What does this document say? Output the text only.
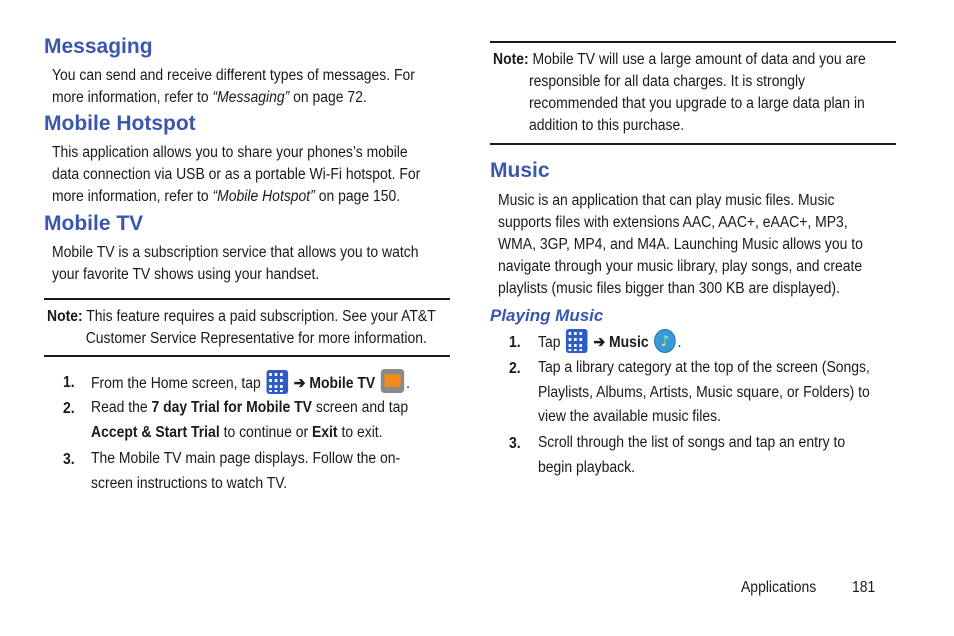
Messaging
You can send and receive different types of messages. For
more information, refer to “Messaging” on page 72.
Mobile Hotspot
This application allows you to share your phones’s mobile
data connection via USB or as a portable Wi-Fi hotspot. For
more information, refer to “Mobile Hotspot” on page 150.
Mobile TV
Mobile TV is a subscription service that allows you to watch
your favorite TV shows using your handset.
Note: This feature requires a paid subscription. See your AT&T
Customer Service Representative for more information.
1. From the Home screen, tap
➔ Mobile TV .
2. Read the 7 day Trial for Mobile TV screen and tap
Accept & Start Trial to continue or Exit to exit.
3. The Mobile TV main page displays. Follow the on-
screen instructions to watch TV.
Note: Mobile TV will use a large amount of data and you are
responsible for all data charges. It is strongly
recommended that you upgrade to a large data plan in
addition to this purchase.
Music
Music is an application that can play music files. Music
supports files with extensions AAC, AAC+, eAAC+, MP3,
WMA, 3GP, MP4, and M4A. Launching Music allows you to
navigate through your music library, play songs, and create
playlists (music files bigger than 300 KB are displayed).
Playing Music
1. Tap
➔ Music ♪ .
2. Tap a library category at the top of the screen (Songs,
Playlists, Albums, Artists, Music square, or Folders) to
view the available music files.
3. Scroll through the list of songs and tap an entry to
begin playback.
Applications 181
